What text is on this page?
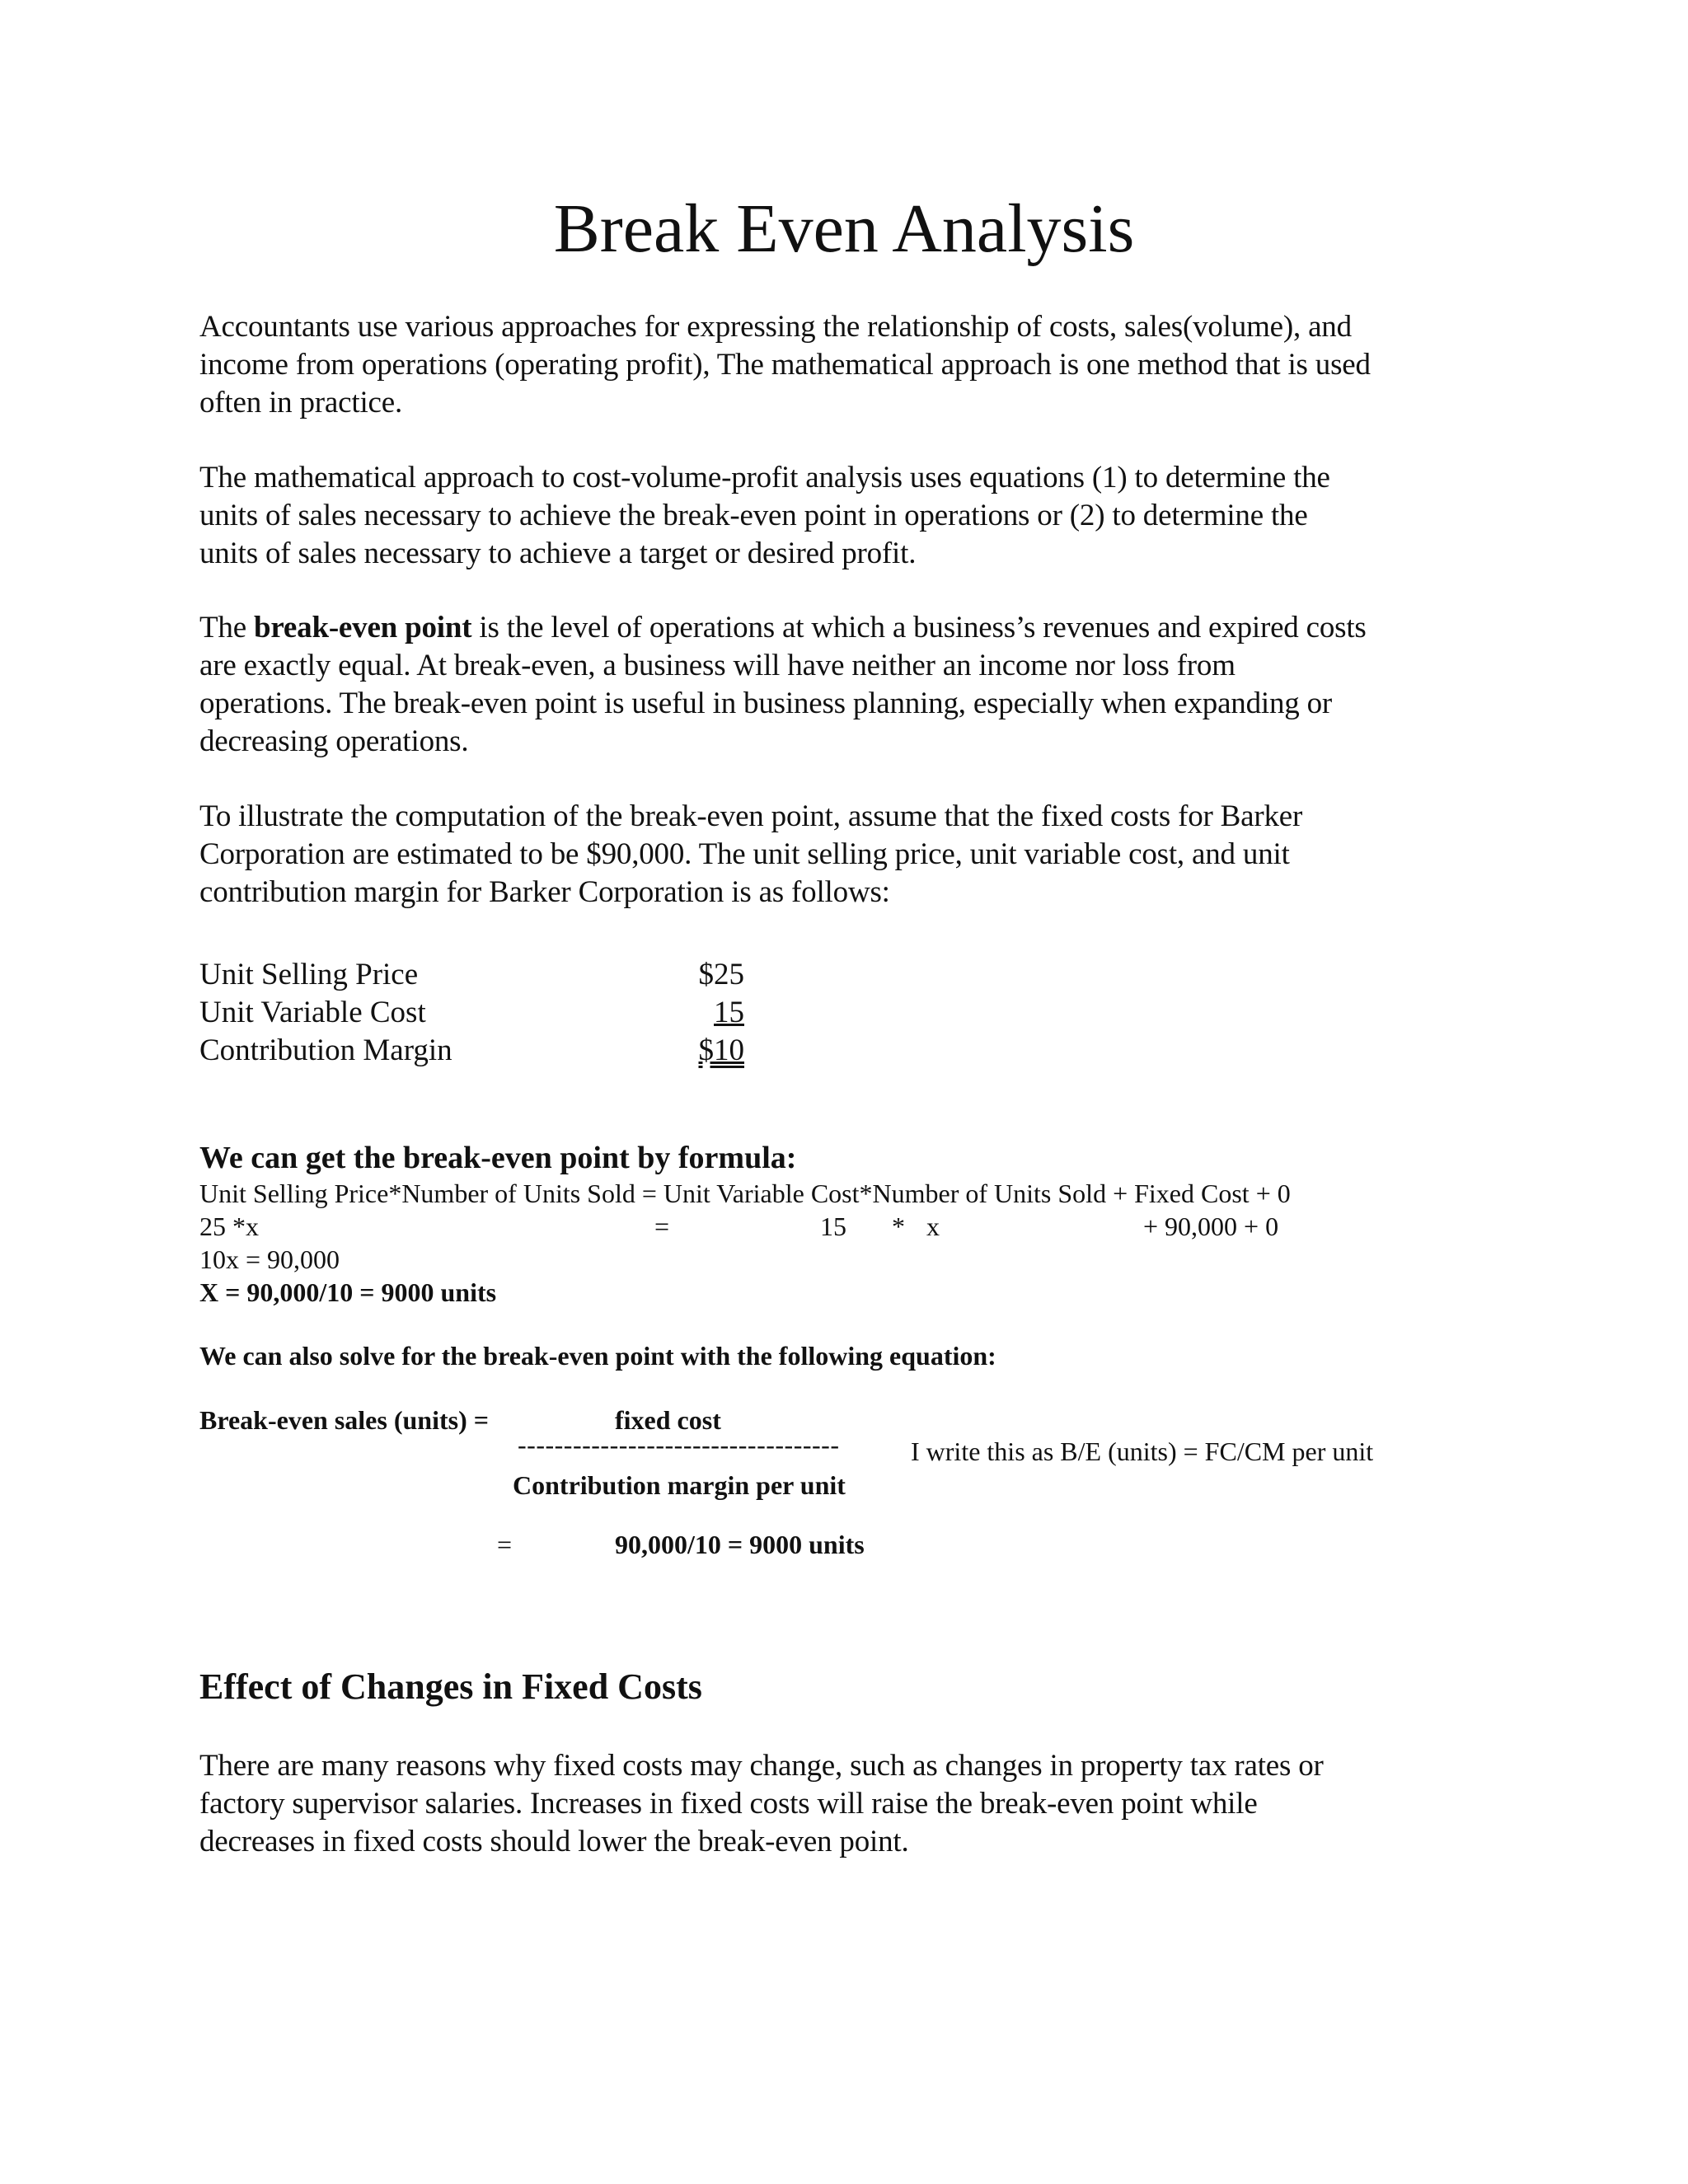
Break Even Analysis
Accountants use various approaches for expressing the relationship of costs, sales(volume), and
income from operations (operating profit), The mathematical approach is one method that is used
often in practice.
The mathematical approach to cost-volume-profit analysis uses equations (1) to determine the
units of sales necessary to achieve the break-even point in operations or (2) to determine the
units of sales necessary to achieve a target or desired profit.
The break-even point is the level of operations at which a business’s revenues and expired costs
are exactly equal. At break-even, a business will have neither an income nor loss from
operations. The break-even point is useful in business planning, especially when expanding or
decreasing operations.
To illustrate the computation of the break-even point, assume that the fixed costs for Barker
Corporation are estimated to be $90,000. The unit selling price, unit variable cost, and unit
contribution margin for Barker Corporation is as follows:
Unit Selling Price	$25
Unit Variable Cost	15
Contribution Margin	$10
We can get the break-even point by formula:
Unit Selling Price*Number of Units Sold = Unit Variable Cost*Number of Units Sold + Fixed Cost + 0
25 *x	=	15 * x	+ 90,000 + 0
10x = 90,000
X = 90,000/10 = 9000 units
We can also solve for the break-even point with the following equation:
Break-even sales (units) =	fixed cost
-----------------------------------	I write this as B/E (units) = FC/CM per unit
Contribution margin per unit
=	90,000/10 = 9000 units
Effect of Changes in Fixed Costs
There are many reasons why fixed costs may change, such as changes in property tax rates or
factory supervisor salaries. Increases in fixed costs will raise the break-even point while
decreases in fixed costs should lower the break-even point.
